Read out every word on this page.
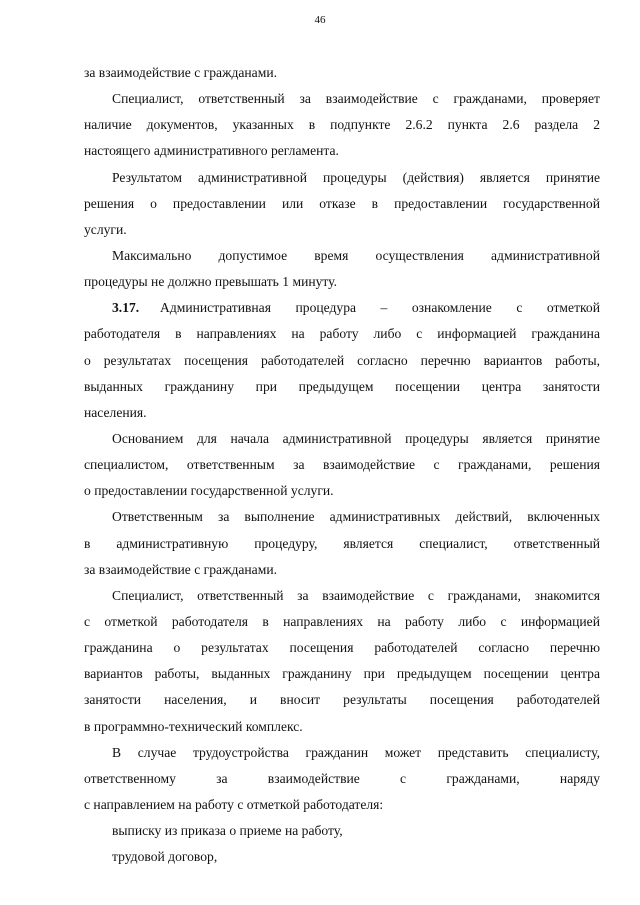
46
за взаимодействие с гражданами.
Специалист, ответственный за взаимодействие с гражданами, проверяет
наличие документов, указанных в подпункте 2.6.2 пункта 2.6 раздела 2
настоящего административного регламента.
Результатом административной процедуры (действия) является принятие
решения о предоставлении или отказе в предоставлении государственной
услуги.
Максимально допустимое время осуществления административной
процедуры не должно превышать 1 минуту.
3.17. Административная процедура – ознакомление с отметкой
работодателя в направлениях на работу либо с информацией гражданина
о результатах посещения работодателей согласно перечню вариантов работы,
выданных гражданину при предыдущем посещении центра занятости
населения.
Основанием для начала административной процедуры является принятие
специалистом, ответственным за взаимодействие с гражданами, решения
о предоставлении государственной услуги.
Ответственным за выполнение административных действий, включенных
в административную процедуру, является специалист, ответственный
за взаимодействие с гражданами.
Специалист, ответственный за взаимодействие с гражданами, знакомится
с отметкой работодателя в направлениях на работу либо с информацией
гражданина о результатах посещения работодателей согласно перечню
вариантов работы, выданных гражданину при предыдущем посещении центра
занятости населения, и вносит результаты посещения работодателей
в программно-технический комплекс.
В случае трудоустройства гражданин может представить специалисту,
ответственному за взаимодействие с гражданами, наряду
с направлением на работу с отметкой работодателя:
выписку из приказа о приеме на работу,
трудовой договор,
